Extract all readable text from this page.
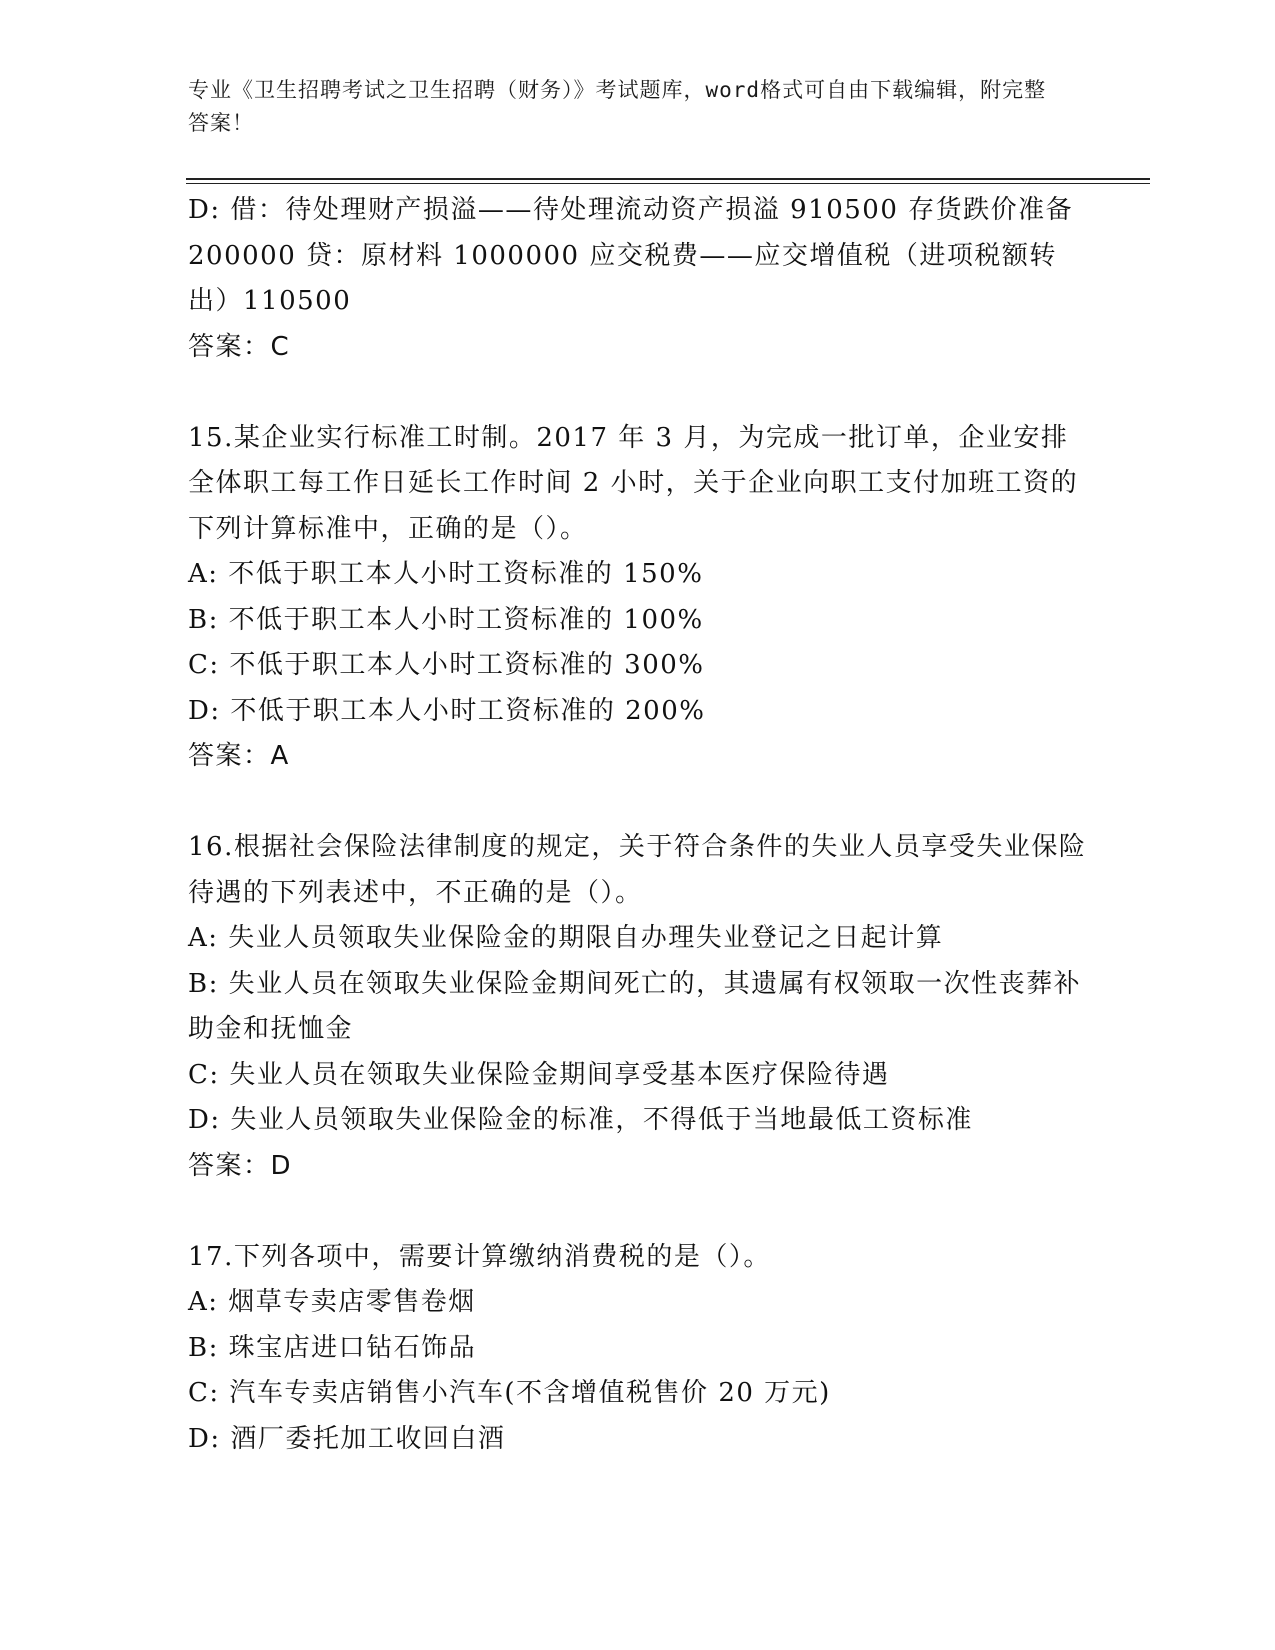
专业《卫生招聘考试之卫生招聘（财务）》考试题库，word格式可自由下载编辑，附完整答案！

D: 借：待处理财产损溢——待处理流动资产损溢 910500 存货跌价准备 200000 贷：原材料 1000000 应交税费——应交增值税（进项税额转出）110500

答案：C

15.某企业实行标准工时制。2017 年 3 月，为完成一批订单，企业安排全体职工每工作日延长工作时间 2 小时，关于企业向职工支付加班工资的下列计算标准中，正确的是（）。

A: 不低于职工本人小时工资标准的 150%

B: 不低于职工本人小时工资标准的 100%

C: 不低于职工本人小时工资标准的 300%

D: 不低于职工本人小时工资标准的 200%

答案：A

16.根据社会保险法律制度的规定，关于符合条件的失业人员享受失业保险待遇的下列表述中，不正确的是（）。

A: 失业人员领取失业保险金的期限自办理失业登记之日起计算

B: 失业人员在领取失业保险金期间死亡的，其遗属有权领取一次性丧葬补助金和抚恤金

C: 失业人员在领取失业保险金期间享受基本医疗保险待遇

D: 失业人员领取失业保险金的标准，不得低于当地最低工资标准

答案：D

17.下列各项中，需要计算缴纳消费税的是（）。

A: 烟草专卖店零售卷烟

B: 珠宝店进口钻石饰品

C: 汽车专卖店销售小汽车(不含增值税售价 20 万元)

D: 酒厂委托加工收回白酒
